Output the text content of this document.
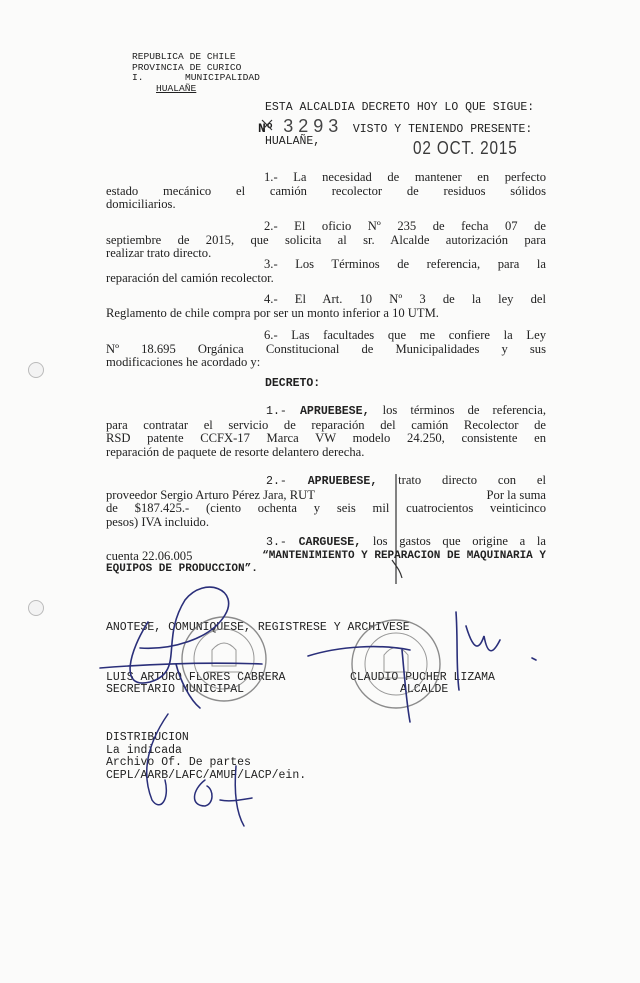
REPUBLICA DE CHILE
PROVINCIA DE CURICO
I.	MUNICIPALIDAD
HUALAÑE
ESTA ALCALDIA DECRETO HOY LO QUE SIGUE:
Nº 3293 VISTO Y TENIENDO PRESENTE:
HUALAÑE,	02 OCT. 2015
1.- La necesidad de mantener en perfecto
estado mecánico el camión recolector de residuos sólidos
domiciliarios.
2.- El oficio Nº 235 de fecha 07 de
septiembre de 2015, que solicita al sr. Alcalde autorización para
realizar trato directo.
3.- Los Términos de referencia, para la
reparación del camión recolector.
4.- El Art. 10 Nº 3 de la ley del
Reglamento de chile compra por ser un monto inferior a 10 UTM.
6.- Las facultades que me confiere la Ley
Nº 18.695 Orgánica Constitucional de Municipalidades y sus
modificaciones he acordado y:
DECRETO:
1.- APRUEBESE, los términos de referencia,
para contratar el servicio de reparación del camión Recolector de
RSD patente CCFX-17 Marca VW modelo 24.250, consistente en
reparación de paquete de resorte delantero derecha.
2.- APRUEBESE, trato directo con el
proveedor Sergio Arturo Pérez Jara, RUT	Por la suma
de $187.425.- (ciento ochenta y seis mil cuatrocientos veinticinco
pesos) IVA incluido.
3.- CARGUESE, los gastos que origine a la
cuenta 22.06.005	“MANTENIMIENTO Y REPARACION DE MAQUINARIA Y
EQUIPOS DE PRODUCCION”.
ANOTESE, COMUNIQUESE, REGISTRESE Y ARCHIVESE
LUIS ARTURO FLORES CABRERA
SECRETARIO MUNICIPAL
CLAUDIO PUCHER LIZAMA
ALCALDE
DISTRIBUCION
La indicada
Archivo Of. De partes
CEPL/AARB/LAFC/AMUF/LACP/ein.
